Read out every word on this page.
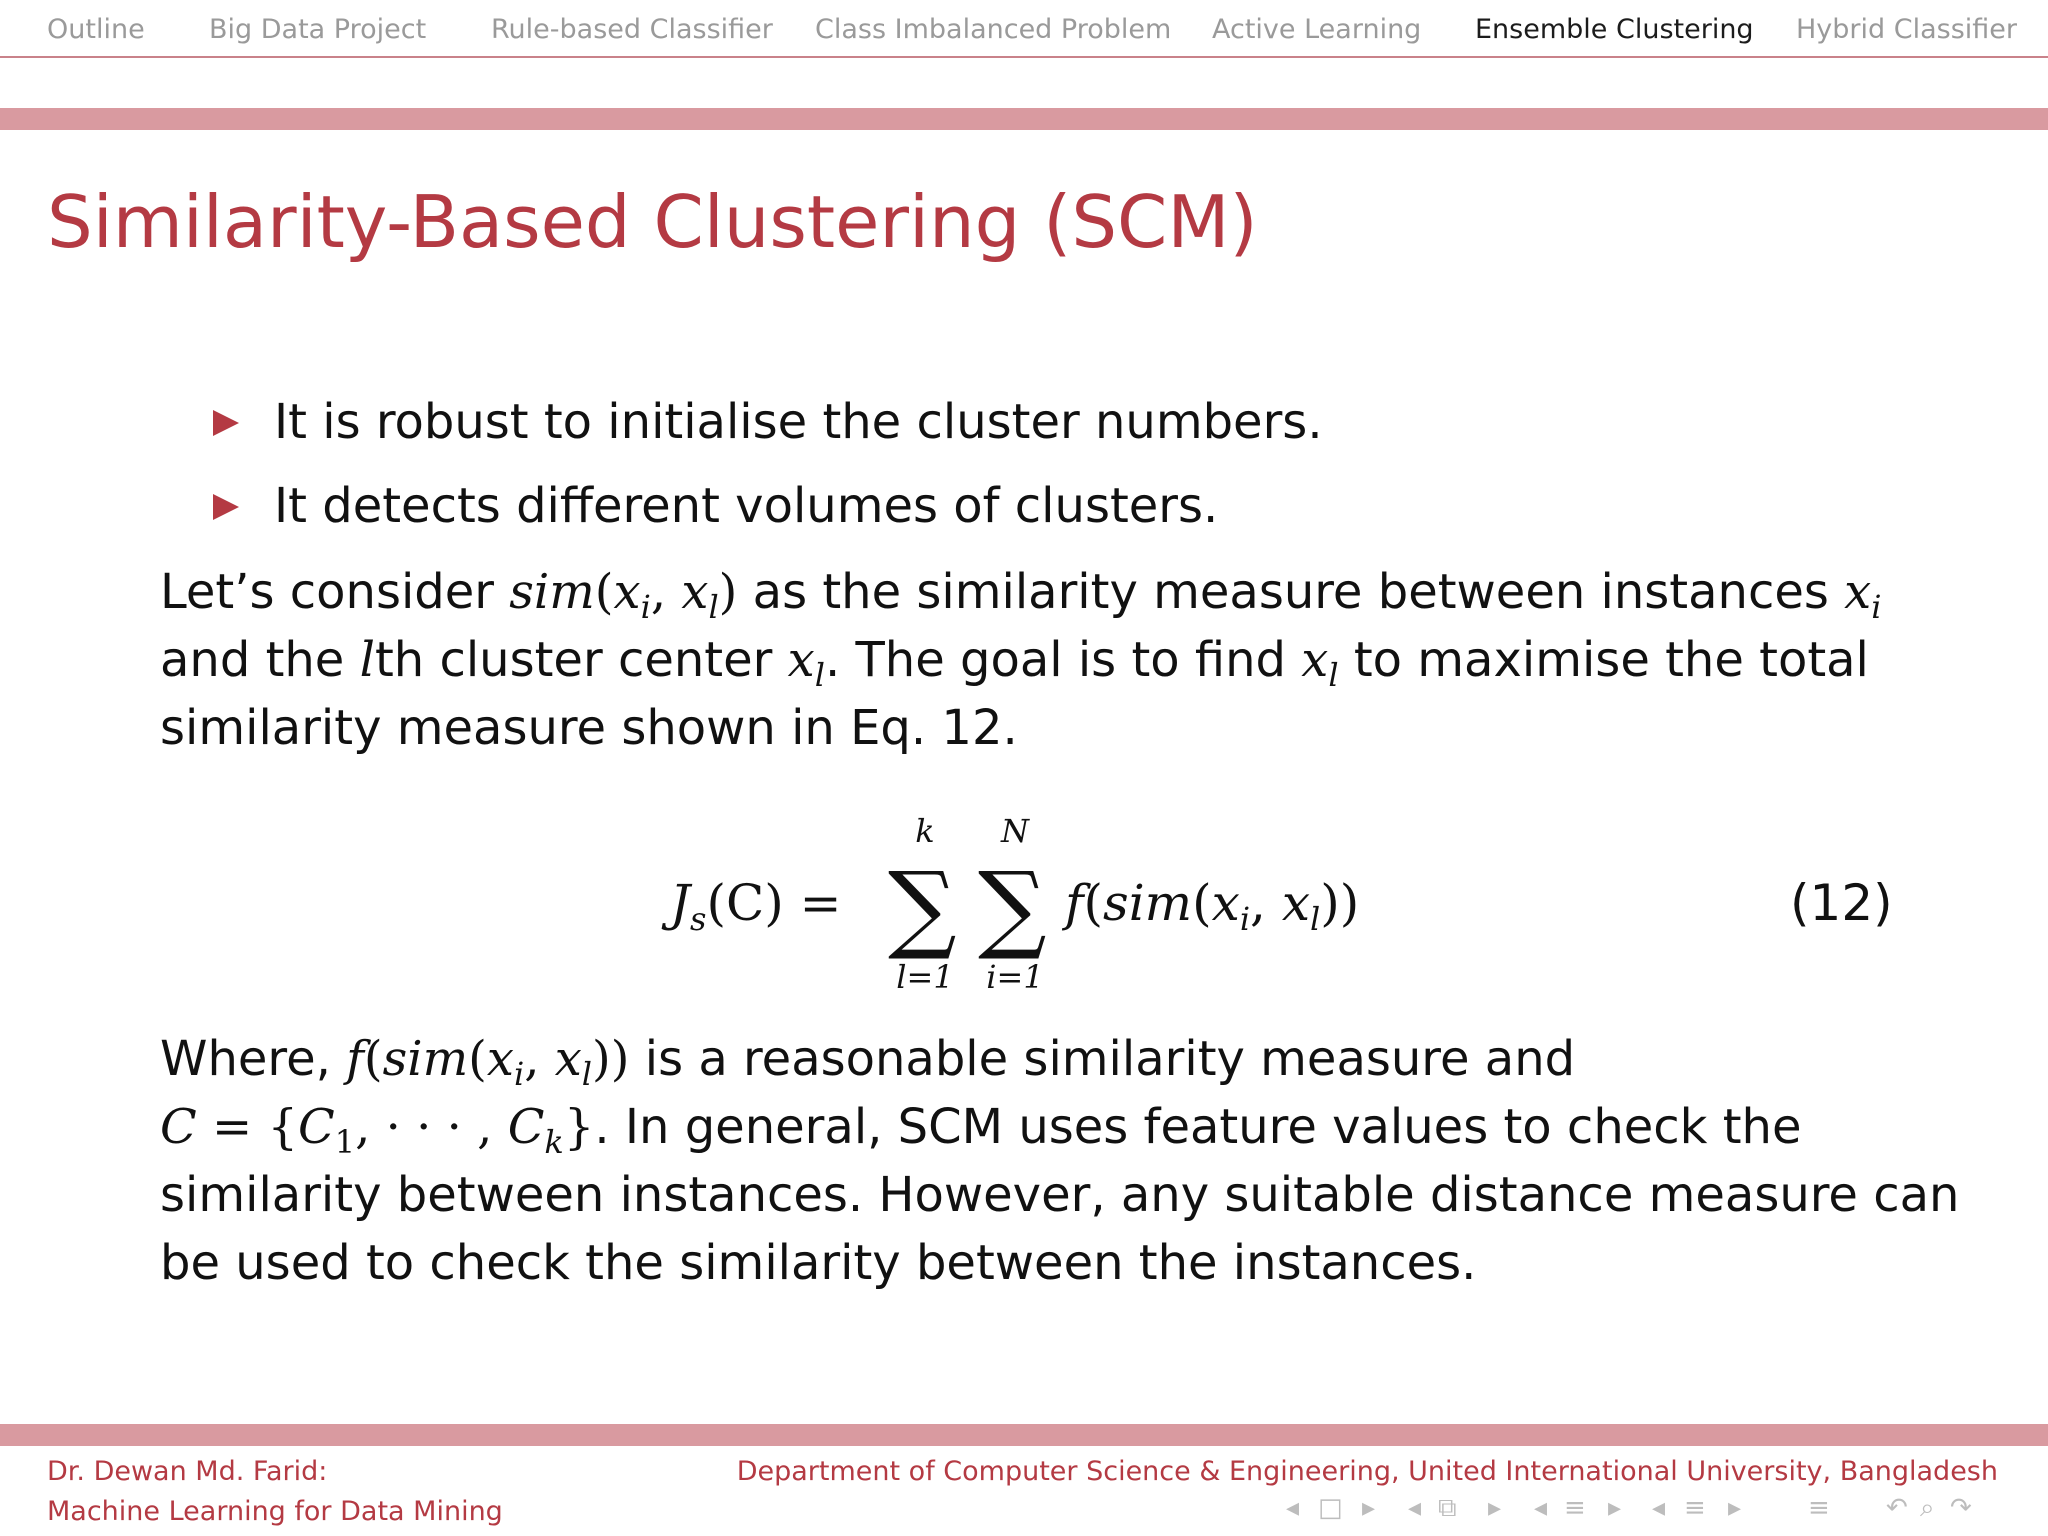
Outline Big Data Project Rule-based Classifier Class Imbalanced Problem Active Learning Ensemble Clustering Hybrid Classifier
Similarity-Based Clustering (SCM)
It is robust to initialise the cluster numbers.
It detects different volumes of clusters.
Let’s consider $sim(x_i$, $x_l$) as the similarity measure between instances $x_i$
and the lth cluster center $x_l$. The goal is to find $x_l$ to maximise the total
similarity measure shown in Eq. 12.
$J_s(C)$ =
k
∑
l=1
N
∑
i=1
$f(sim(x_i$, $x_l$))	(12)
Where, $f(sim(x_i$, $x_l$)) is a reasonable similarity measure and
$C = \{C_1$, · · · , $C_k$}. In general, SCM uses feature values to check the
similarity between instances. However, any suitable distance measure can
be used to check the similarity between the instances.
Dr. Dewan Md. Farid:
Machine Learning for Data Mining
Department of Computer Science & Engineering, United International University, Bangladesh
◂ □ ▸ ◂ ⧉ ▸ ◂ ≡ ▸ ◂ ≡ ▸	≡ ↶ ⌕ ↷
